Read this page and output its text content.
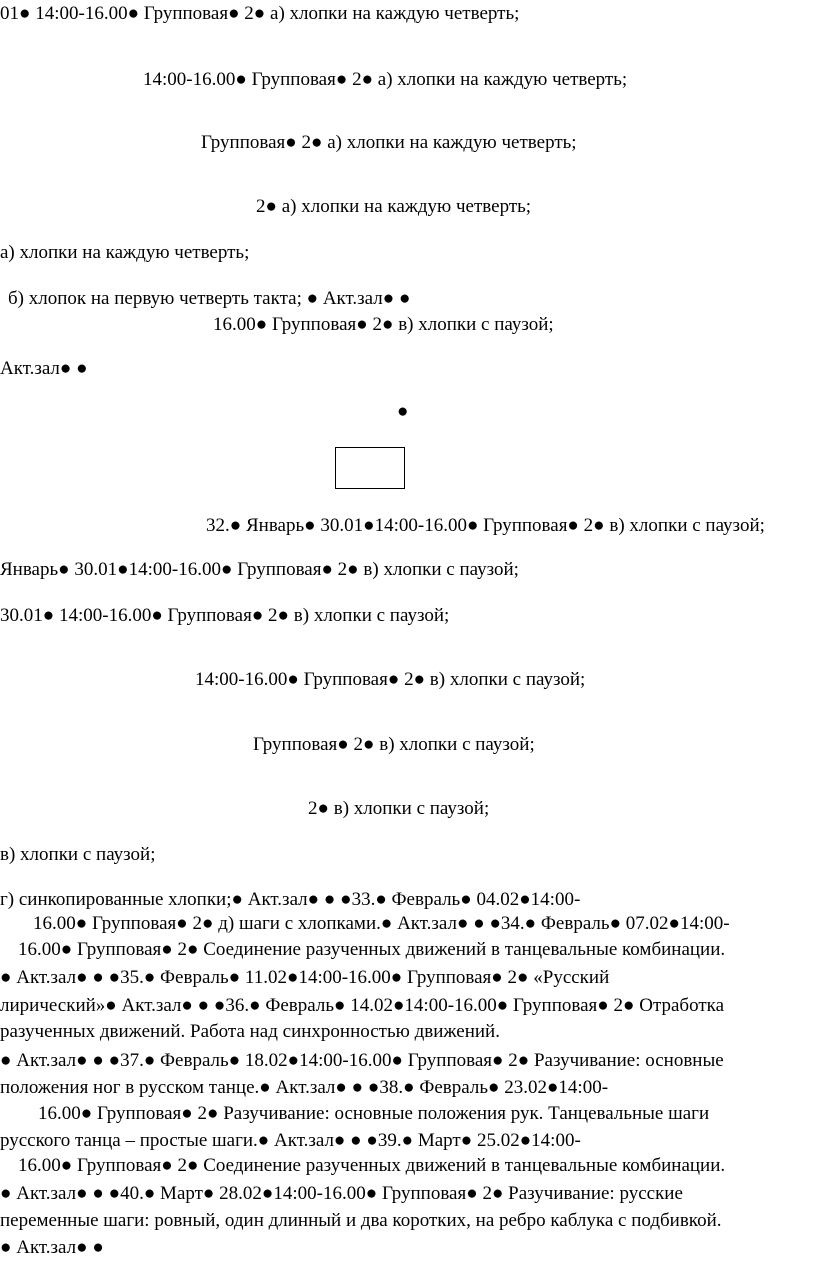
01● 14:00-16.00● Групповая● 2● а) хлопки на каждую четверть;

14:00-16.00● Групповая● 2● а) хлопки на каждую четверть;

Групповая● 2● а) хлопки на каждую четверть;

2● а) хлопки на каждую четверть;

а) хлопки на каждую четверть;

б) хлопок на первую четверть такта; ● Акт.зал● ●

16.00● Групповая● 2● в) хлопки с паузой;

Акт.зал● ●

●

32.● Январь● 30.01●14:00-16.00● Групповая● 2● в) хлопки с паузой;

Январь● 30.01●14:00-16.00● Групповая● 2● в) хлопки с паузой;

30.01● 14:00-16.00● Групповая● 2● в) хлопки с паузой;

14:00-16.00● Групповая● 2● в) хлопки с паузой;

Групповая● 2● в) хлопки с паузой;

2● в) хлопки с паузой;

в) хлопки с паузой;

г) синкопированные хлопки;● Акт.зал● ● ●33.● Февраль● 04.02●14:00-

16.00● Групповая● 2● д) шаги с хлопками.● Акт.зал● ● ●34.● Февраль● 07.02●14:00-

16.00● Групповая● 2● Соединение разученных движений в танцевальные комбинации.

● Акт.зал● ● ●35.● Февраль● 11.02●14:00-16.00● Групповая● 2● «Русский

лирический»● Акт.зал● ● ●36.● Февраль● 14.02●14:00-16.00● Групповая● 2● Отработка

разученных движений. Работа над синхронностью движений.

● Акт.зал● ● ●37.● Февраль● 18.02●14:00-16.00● Групповая● 2● Разучивание: основные

положения ног в русском танце.● Акт.зал● ● ●38.● Февраль● 23.02●14:00-

16.00● Групповая● 2● Разучивание: основные положения рук. Танцевальные шаги

русского танца – простые шаги.● Акт.зал● ● ●39.● Март● 25.02●14:00-

16.00● Групповая● 2● Соединение разученных движений в танцевальные комбинации.

● Акт.зал● ● ●40.● Март● 28.02●14:00-16.00● Групповая● 2● Разучивание: русские

переменные шаги: ровный, один длинный и два коротких, на ребро каблука с подбивкой.

● Акт.зал● ●
